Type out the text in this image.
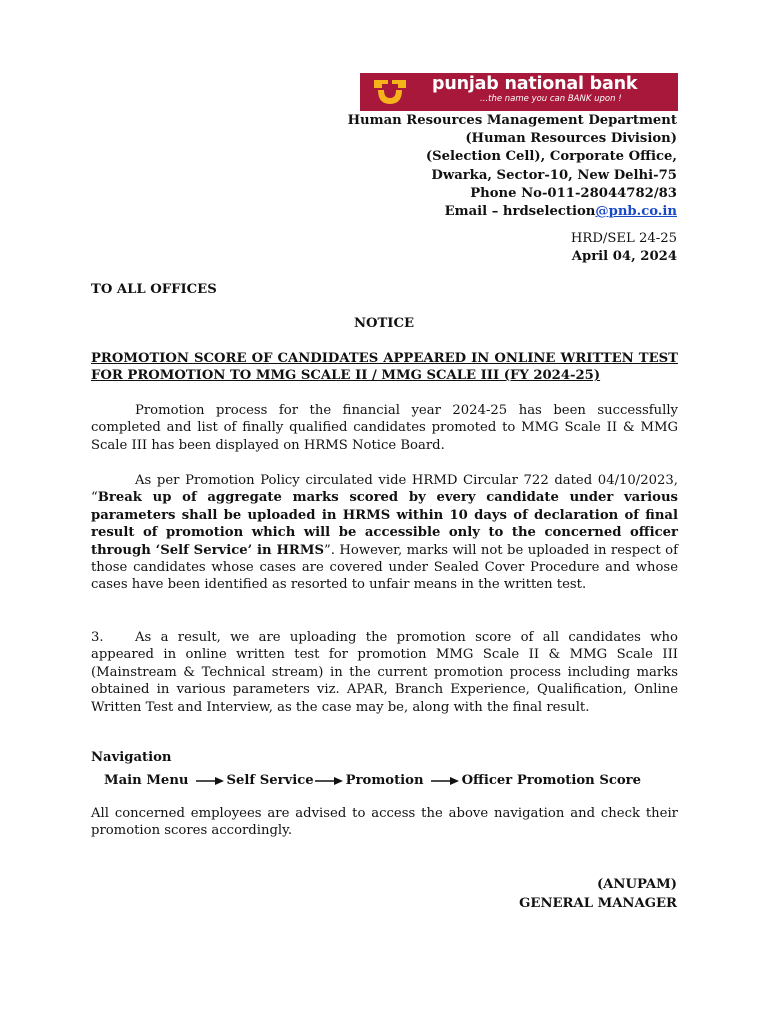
punjab national bank
...the name you can BANK upon !
Human Resources Management Department
(Human Resources Division)
(Selection Cell), Corporate Office,
Dwarka, Sector-10, New Delhi-75
Phone No-011-28044782/83
Email – hrdselection@pnb.co.in
HRD/SEL 24-25
April 04, 2024
TO ALL OFFICES
NOTICE
PROMOTION SCORE OF CANDIDATES APPEARED IN ONLINE WRITTEN TEST FOR PROMOTION TO MMG SCALE II / MMG SCALE III (FY 2024-25)
Promotion process for the financial year 2024-25 has been successfully completed and list of finally qualified candidates promoted to MMG Scale II & MMG Scale III has been displayed on HRMS Notice Board.
As per Promotion Policy circulated vide HRMD Circular 722 dated 04/10/2023, “Break up of aggregate marks scored by every candidate under various parameters shall be uploaded in HRMS within 10 days of declaration of final result of promotion which will be accessible only to the concerned officer through ‘Self Service’ in HRMS”. However, marks will not be uploaded in respect of those candidates whose cases are covered under Sealed Cover Procedure and whose cases have been identified as resorted to unfair means in the written test.
3. As a result, we are uploading the promotion score of all candidates who appeared in online written test for promotion MMG Scale II & MMG Scale III (Mainstream & Technical stream) in the current promotion process including marks obtained in various parameters viz. APAR, Branch Experience, Qualification, Online Written Test and Interview, as the case may be, along with the final result.
Navigation
Main Menu	Self Service Promotion	Officer Promotion Score
All concerned employees are advised to access the above navigation and check their promotion scores accordingly.
(ANUPAM)
GENERAL MANAGER
